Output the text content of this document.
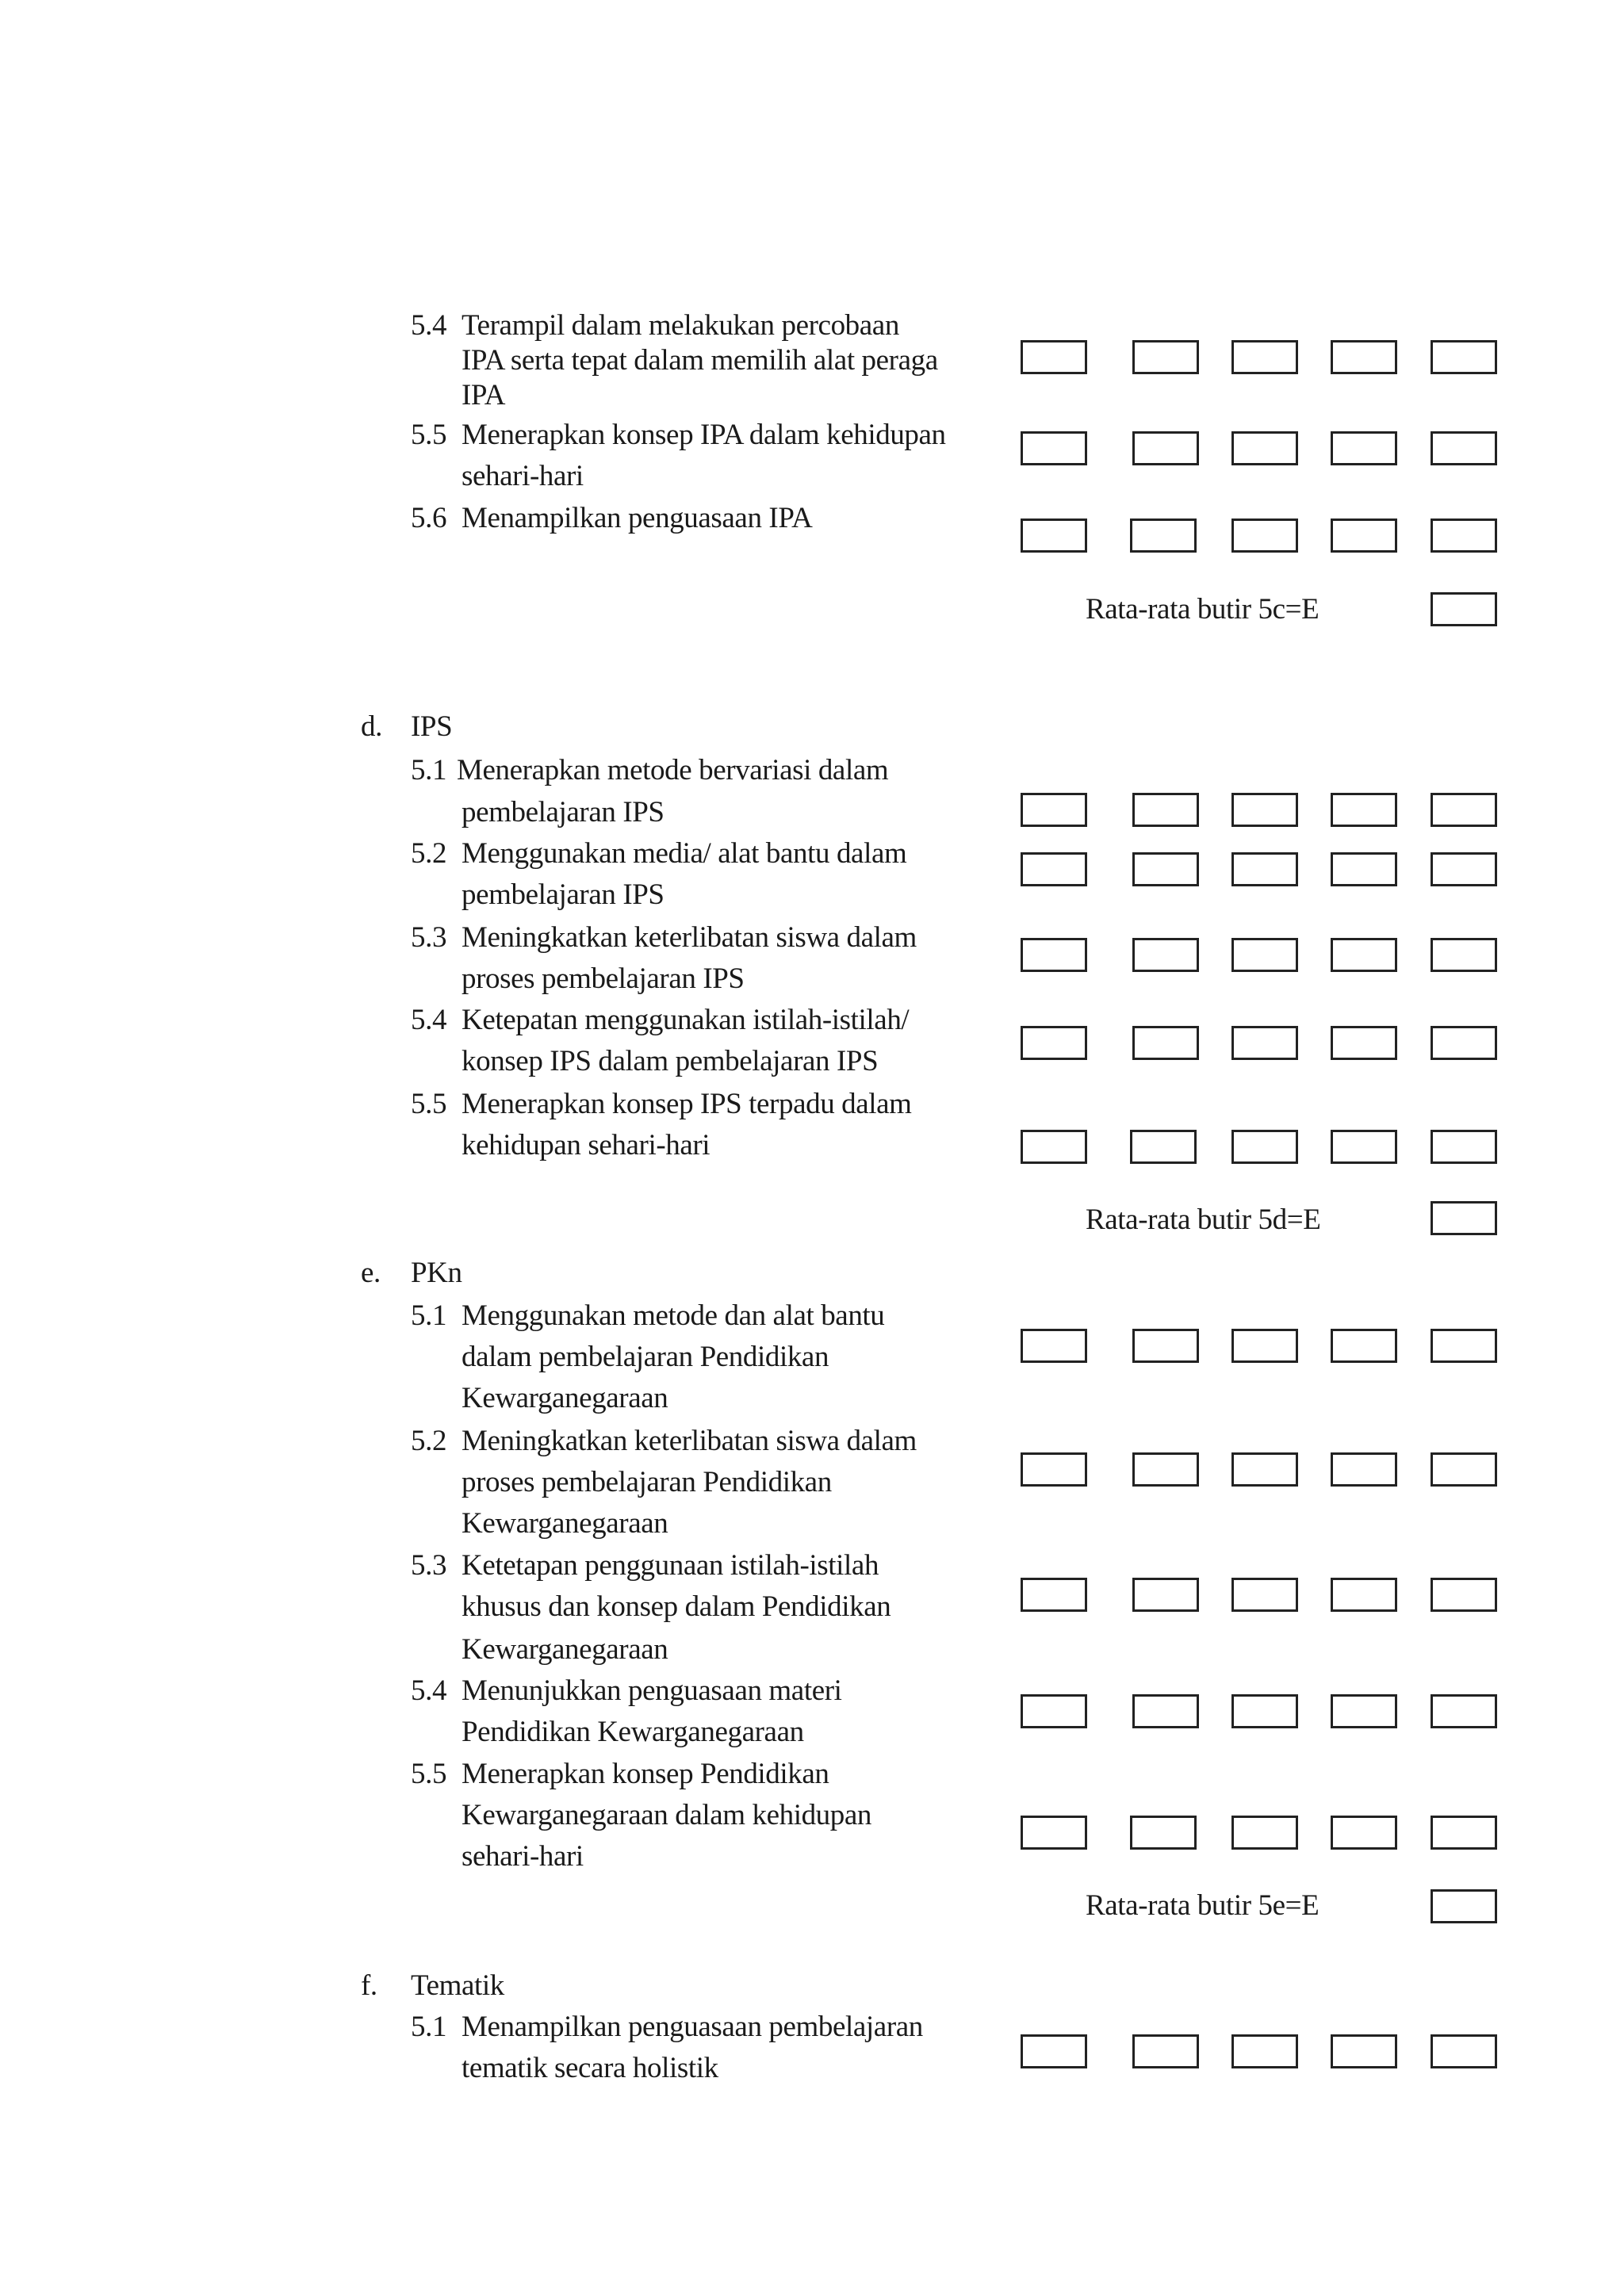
5.4 Terampil dalam melakukan percobaan
IPA serta tepat dalam memilih alat peraga
IPA
5.5 Menerapkan konsep IPA dalam kehidupan
sehari-hari
5.6 Menampilkan penguasaan IPA
Rata-rata butir 5c=E
d. IPS
5.1 Menerapkan metode bervariasi dalam
pembelajaran IPS
5.2 Menggunakan media/ alat bantu dalam
pembelajaran IPS
5.3 Meningkatkan keterlibatan siswa dalam
proses pembelajaran IPS
5.4 Ketepatan menggunakan istilah-istilah/
konsep IPS dalam pembelajaran IPS
5.5 Menerapkan konsep IPS terpadu dalam
kehidupan sehari-hari
Rata-rata butir 5d=E
e. PKn
5.1 Menggunakan metode dan alat bantu
dalam pembelajaran Pendidikan
Kewarganegaraan
5.2 Meningkatkan keterlibatan siswa dalam
proses pembelajaran Pendidikan
Kewarganegaraan
5.3 Ketetapan penggunaan istilah-istilah
khusus dan konsep dalam Pendidikan
Kewarganegaraan
5.4 Menunjukkan penguasaan materi
Pendidikan Kewarganegaraan
5.5 Menerapkan konsep Pendidikan
Kewarganegaraan dalam kehidupan
sehari-hari
Rata-rata butir 5e=E
f. Tematik
5.1 Menampilkan penguasaan pembelajaran
tematik secara holistik
